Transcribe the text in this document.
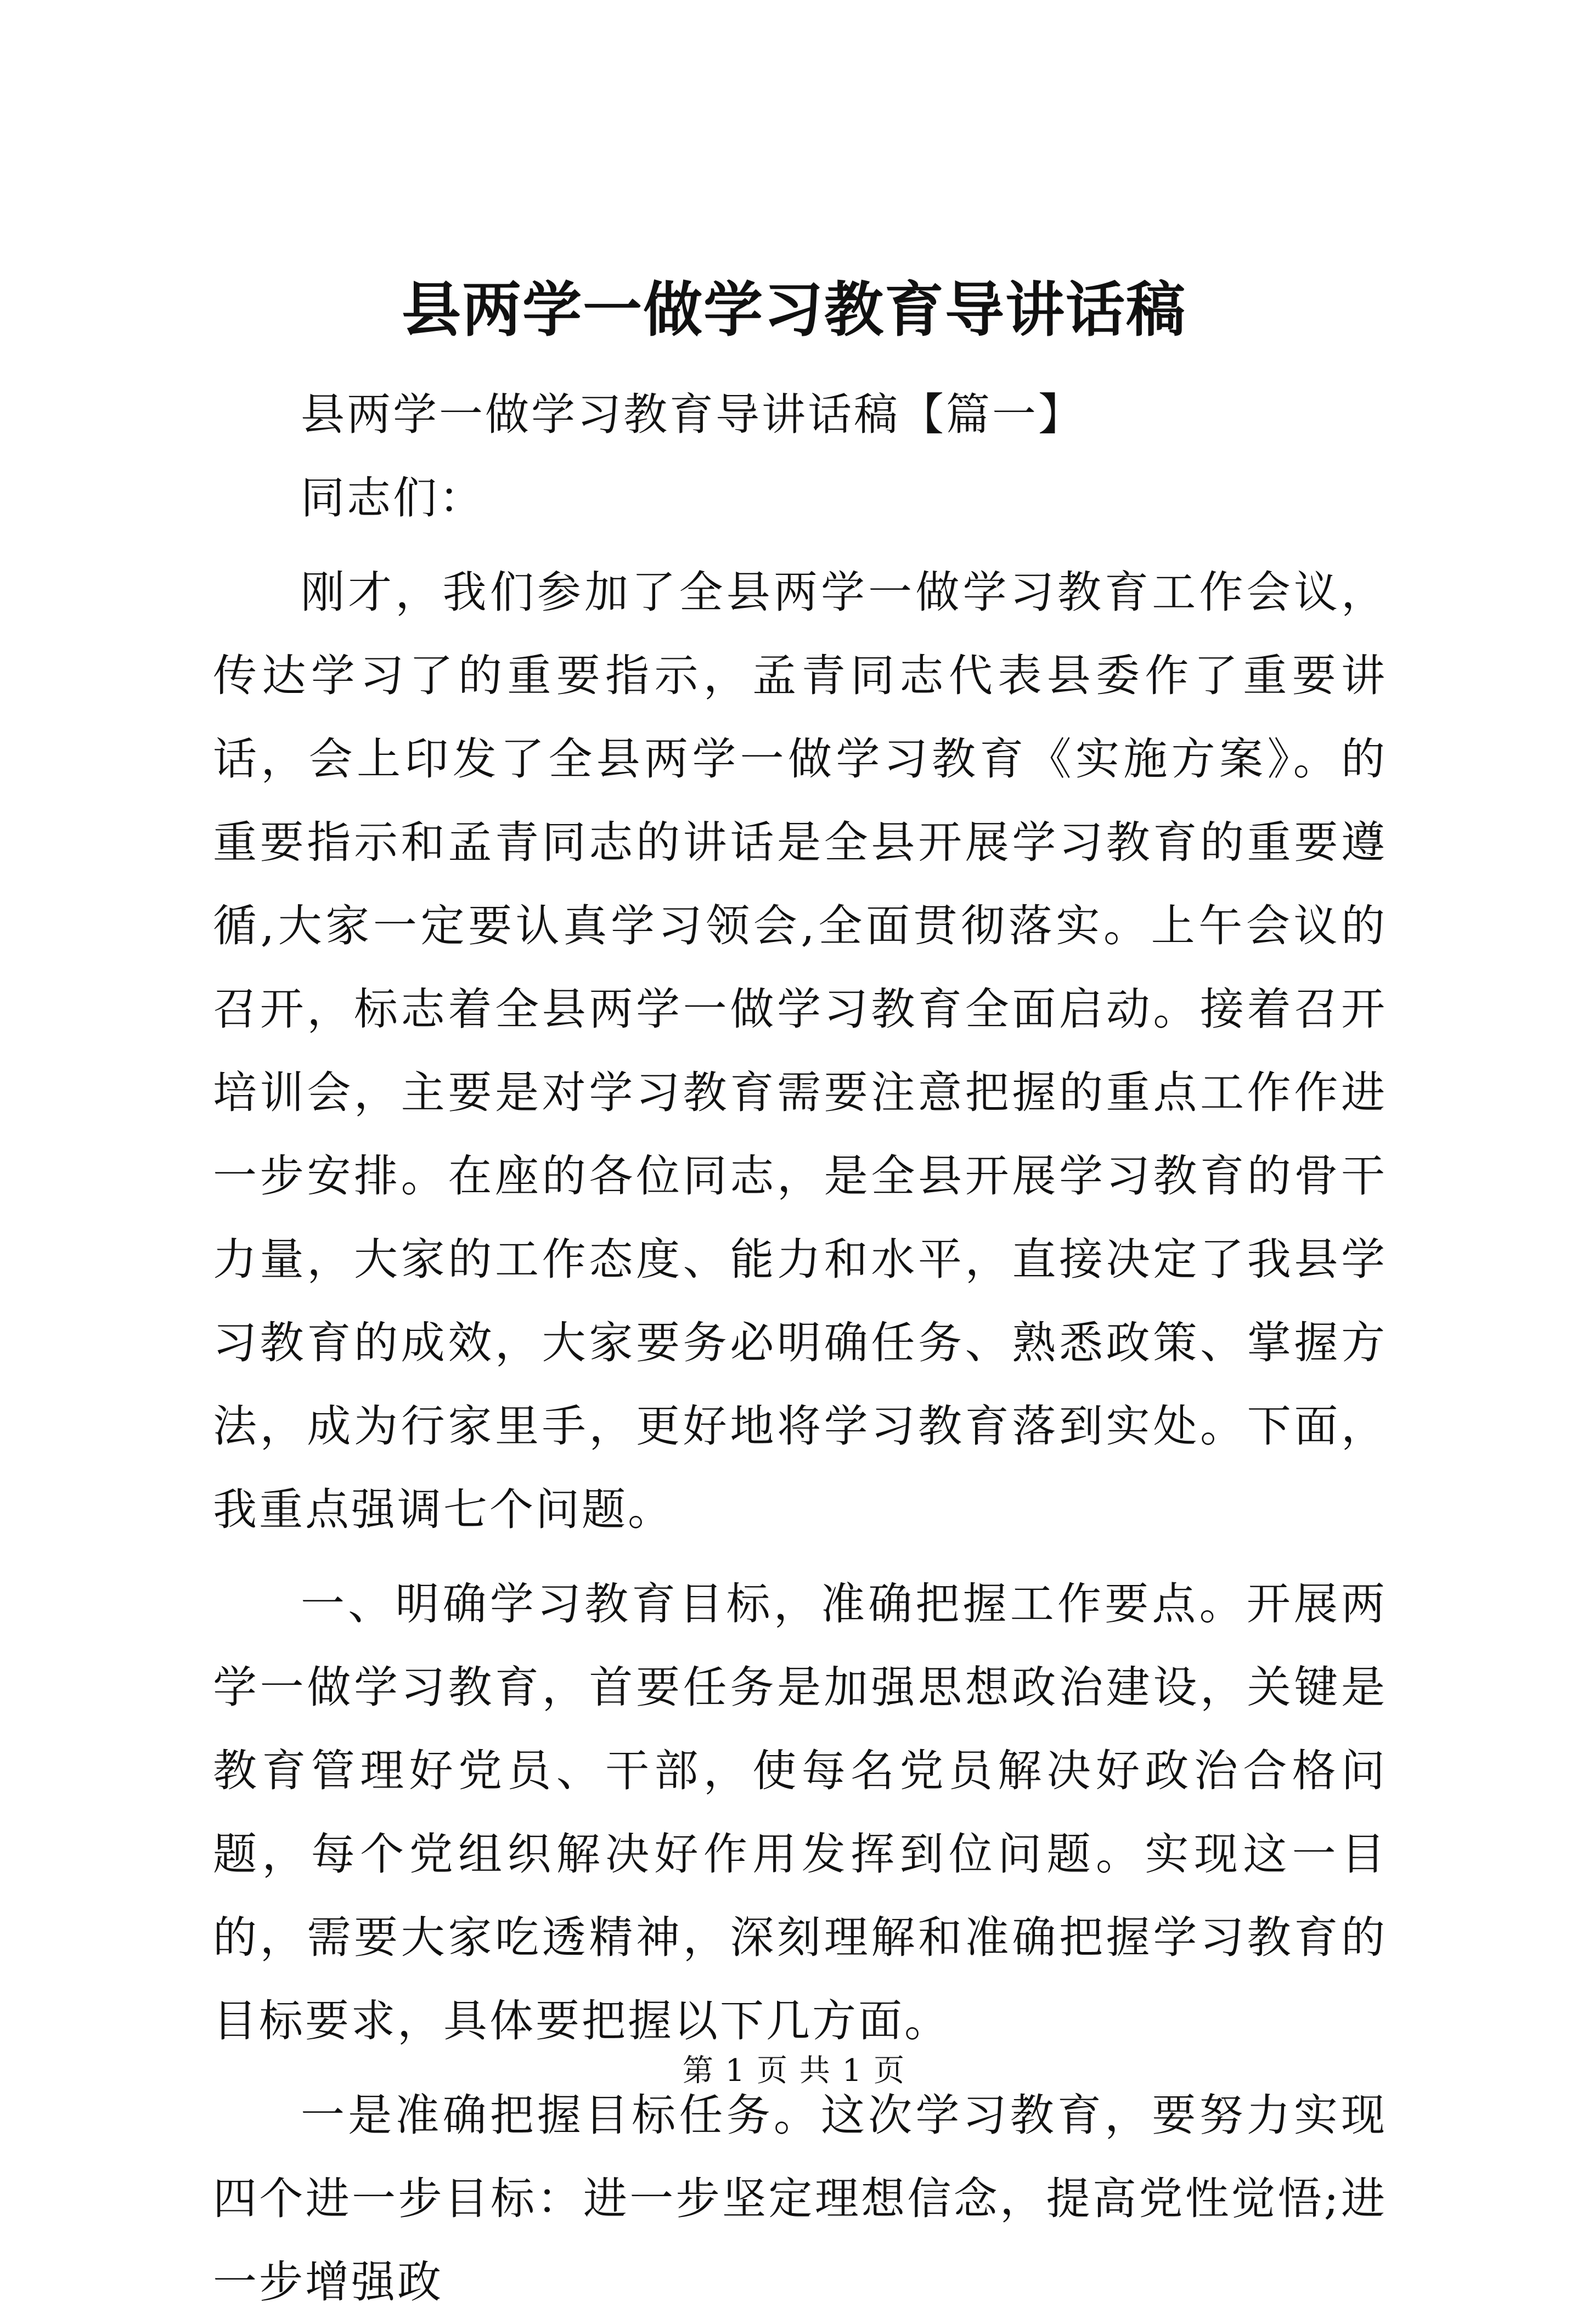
县两学一做学习教育导讲话稿

县两学一做学习教育导讲话稿【篇一】

同志们：

刚才，我们参加了全县两学一做学习教育工作会议，传达学习了的重要指示，孟青同志代表县委作了重要讲话，会上印发了全县两学一做学习教育《实施方案》。的重要指示和孟青同志的讲话是全县开展学习教育的重要遵循,大家一定要认真学习领会,全面贯彻落实。上午会议的召开，标志着全县两学一做学习教育全面启动。接着召开培训会，主要是对学习教育需要注意把握的重点工作作进一步安排。在座的各位同志，是全县开展学习教育的骨干力量，大家的工作态度、能力和水平，直接决定了我县学习教育的成效，大家要务必明确任务、熟悉政策、掌握方法，成为行家里手，更好地将学习教育落到实处。下面，我重点强调七个问题。

一、明确学习教育目标，准确把握工作要点。开展两学一做学习教育，首要任务是加强思想政治建设，关键是教育管理好党员、干部，使每名党员解决好政治合格问题，每个党组织解决好作用发挥到位问题。实现这一目的，需要大家吃透精神，深刻理解和准确把握学习教育的目标要求，具体要把握以下几方面。

一是准确把握目标任务。这次学习教育，要努力实现四个进一步目标：进一步坚定理想信念，提高党性觉悟;进一步增强政

第 1 页 共 1 页
